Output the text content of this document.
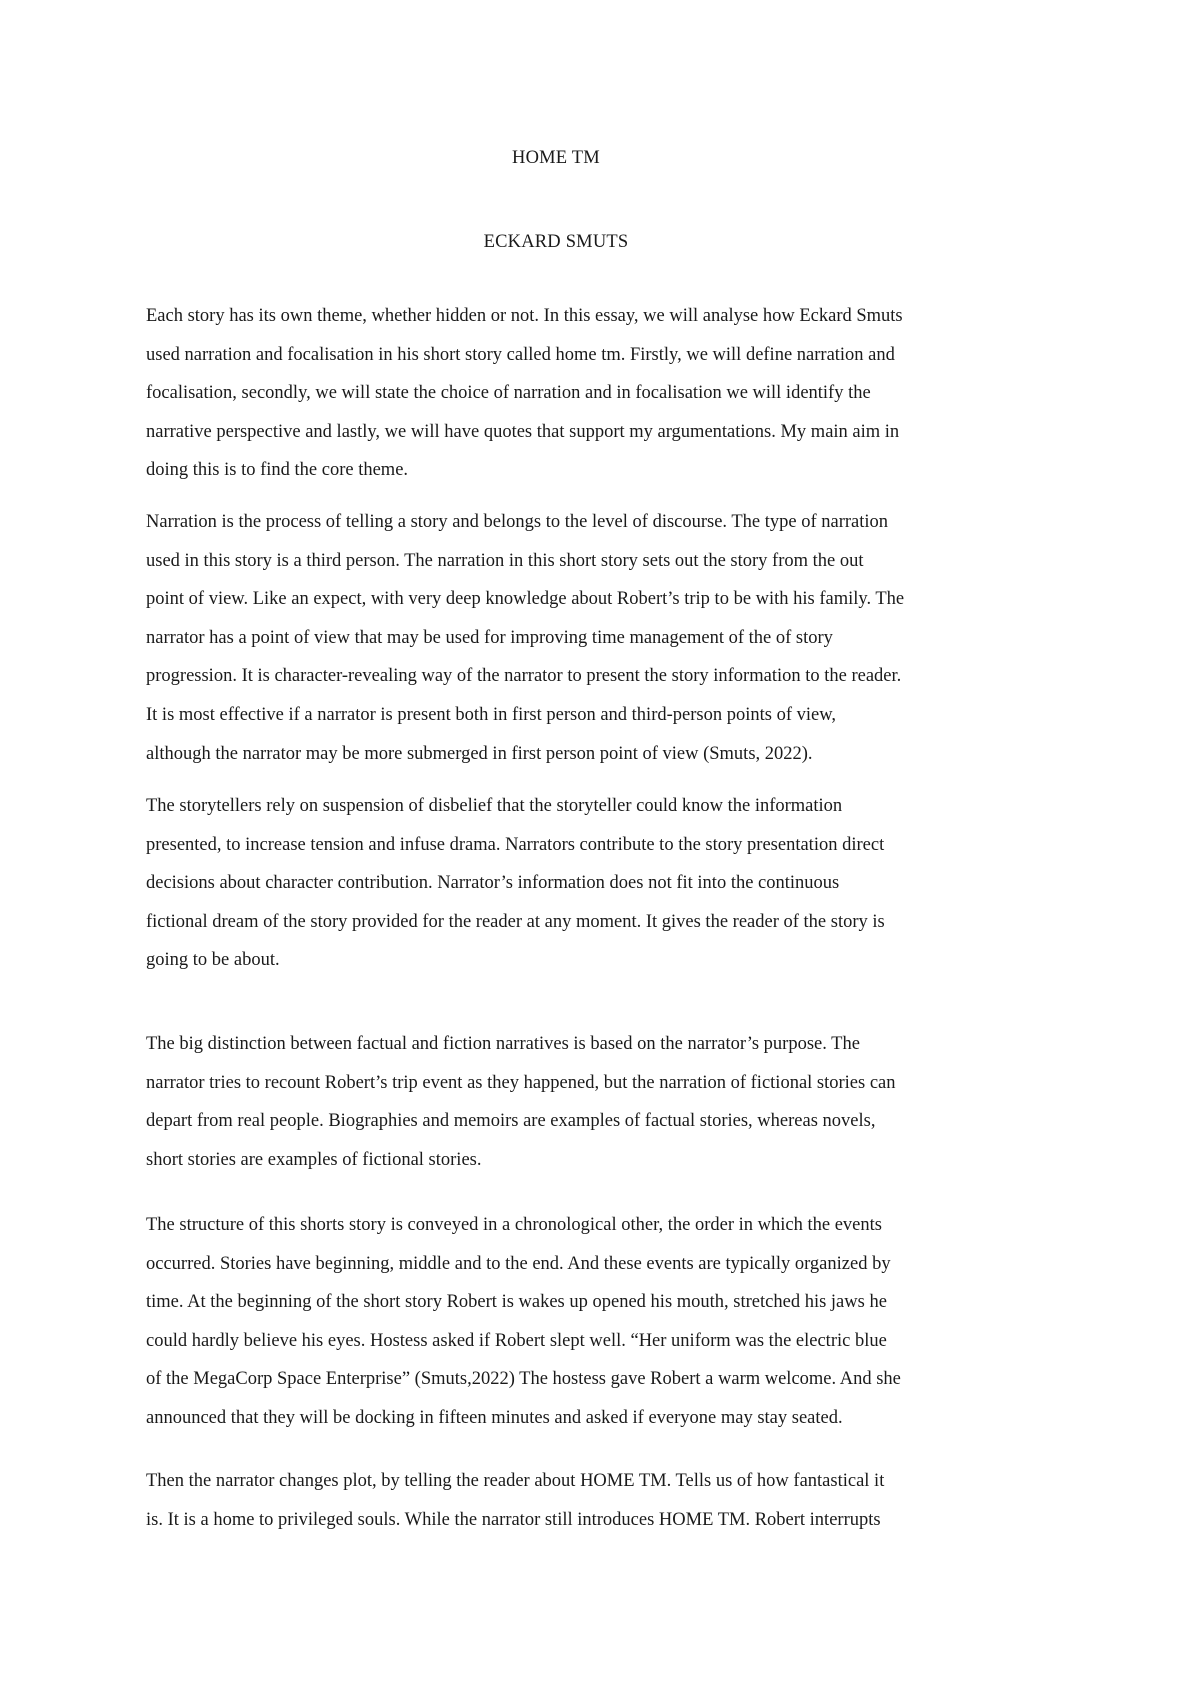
HOME TM
ECKARD SMUTS

Each story has its own theme, whether hidden or not. In this essay, we will analyse how Eckard Smuts
used narration and focalisation in his short story called home tm. Firstly, we will define narration and
focalisation, secondly, we will state the choice of narration and in focalisation we will identify the
narrative perspective and lastly, we will have quotes that support my argumentations. My main aim in
doing this is to find the core theme.

Narration is the process of telling a story and belongs to the level of discourse. The type of narration
used in this story is a third person. The narration in this short story sets out the story from the out
point of view. Like an expect, with very deep knowledge about Robert’s trip to be with his family. The
narrator has a point of view that may be used for improving time management of the of story
progression. It is character-revealing way of the narrator to present the story information to the reader.
It is most effective if a narrator is present both in first person and third-person points of view,
although the narrator may be more submerged in first person point of view (Smuts, 2022).

The storytellers rely on suspension of disbelief that the storyteller could know the information
presented, to increase tension and infuse drama. Narrators contribute to the story presentation direct
decisions about character contribution. Narrator’s information does not fit into the continuous
fictional dream of the story provided for the reader at any moment. It gives the reader of the story is
going to be about.

The big distinction between factual and fiction narratives is based on the narrator’s purpose. The
narrator tries to recount Robert’s trip event as they happened, but the narration of fictional stories can
depart from real people. Biographies and memoirs are examples of factual stories, whereas novels,
short stories are examples of fictional stories.

The structure of this shorts story is conveyed in a chronological other, the order in which the events
occurred. Stories have beginning, middle and to the end. And these events are typically organized by
time. At the beginning of the short story Robert is wakes up opened his mouth, stretched his jaws he
could hardly believe his eyes. Hostess asked if Robert slept well. “Her uniform was the electric blue
of the MegaCorp Space Enterprise” (Smuts,2022) The hostess gave Robert a warm welcome. And she
announced that they will be docking in fifteen minutes and asked if everyone may stay seated.

Then the narrator changes plot, by telling the reader about HOME TM. Tells us of how fantastical it
is. It is a home to privileged souls. While the narrator still introduces HOME TM. Robert interrupts
